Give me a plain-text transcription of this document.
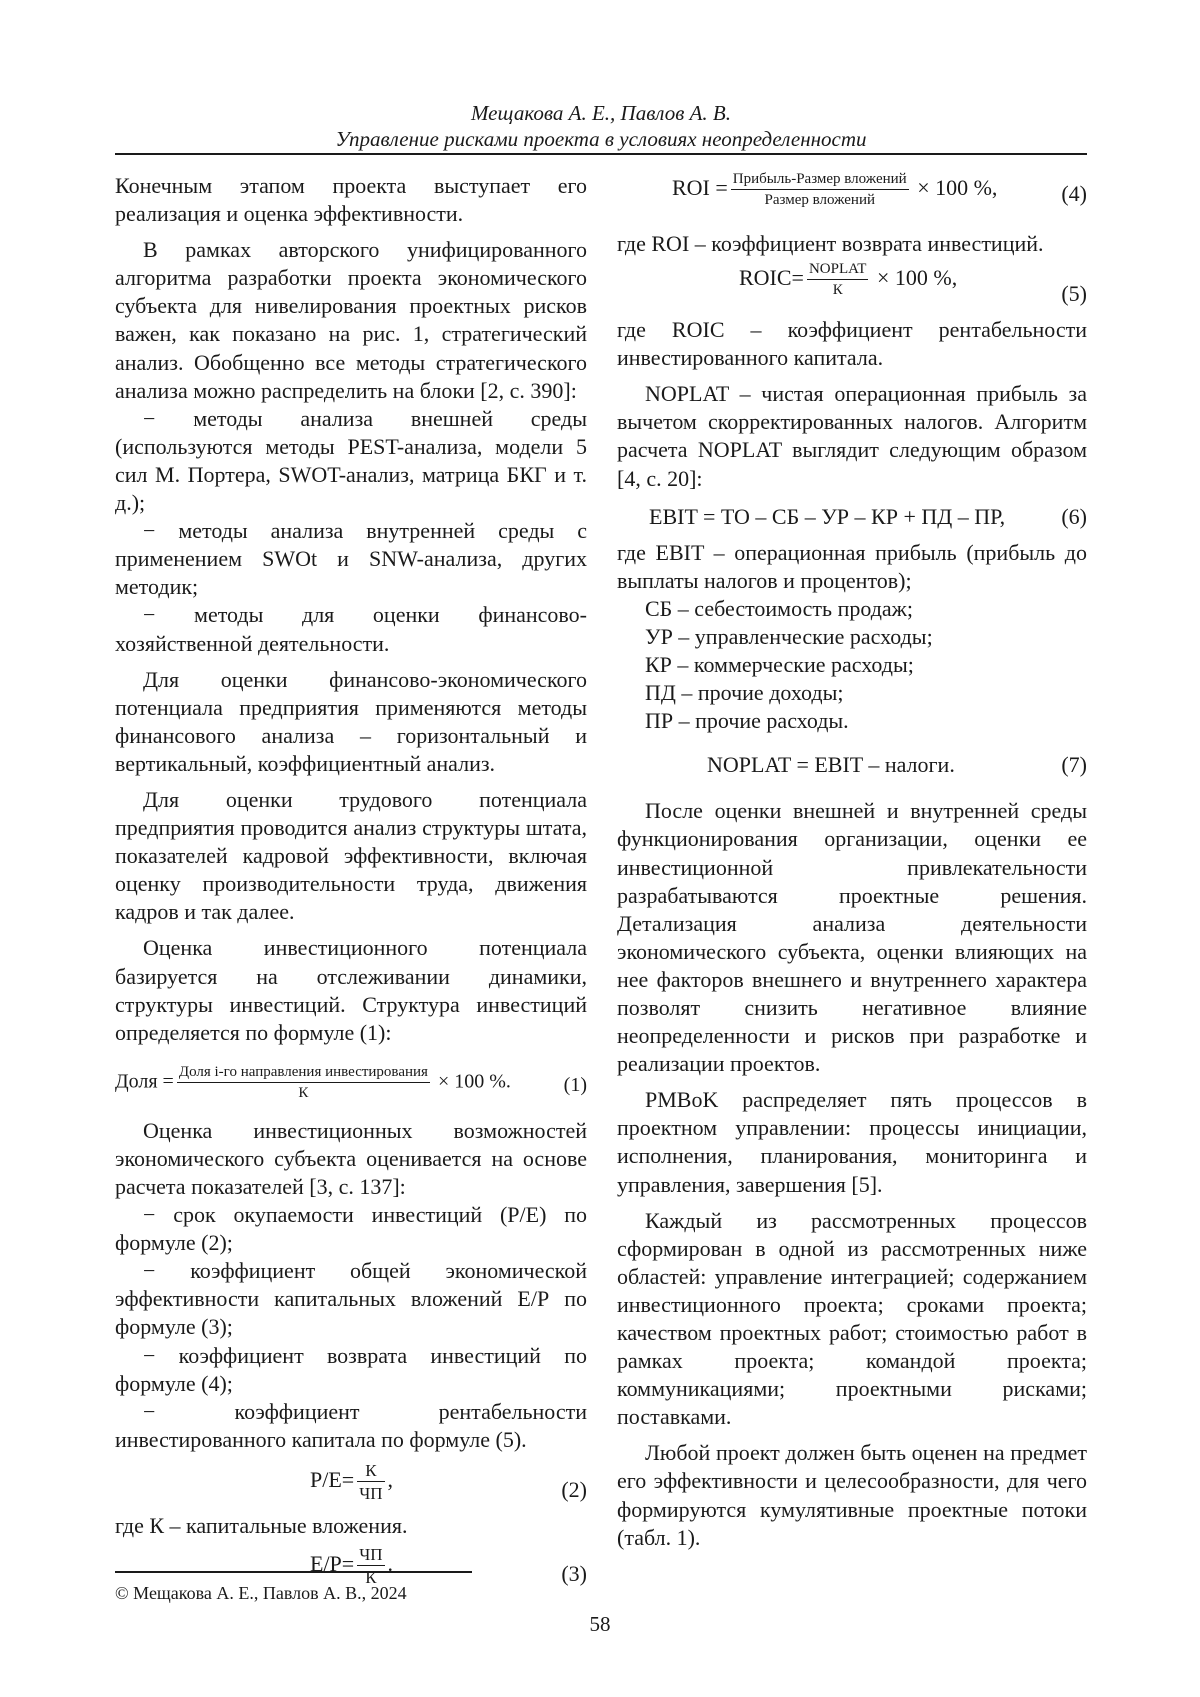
Мещакова А. Е., Павлов А. В.
Управление рисками проекта в условиях неопределенности

Конечным этапом проекта выступает его реализация и оценка эффективности.

В рамках авторского унифицированного алгоритма разработки проекта экономического субъекта для нивелирования проектных рисков важен, как показано на рис. 1, стратегический анализ. Обобщенно все методы стратегического анализа можно распределить на блоки [2, с. 390]:

− методы анализа внешней среды (используются методы PEST-анализа, модели 5 сил М. Портера, SWOT-анализ, матрица БКГ и т. д.);

− методы анализа внутренней среды с применением SWOt и SNW-анализа, других методик;

− методы для оценки финансово-хозяйственной деятельности.

Для оценки финансово-экономического потенциала предприятия применяются методы финансового анализа – горизонтальный и вертикальный, коэффициентный анализ.

Для оценки трудового потенциала предприятия проводится анализ структуры штата, показателей кадровой эффективности, включая оценку производительности труда, движения кадров и так далее.

Оценка инвестиционного потенциала базируется на отслеживании динамики, структуры инвестиций. Структура инвестиций определяется по формуле (1):

Доля = Доля i-го направления инвестирования
К
× 100 %.	(1)

Оценка инвестиционных возможностей экономического субъекта оценивается на основе расчета показателей [3, с. 137]:

− срок окупаемости инвестиций (Р/Е) по формуле (2);

− коэффициент общей экономической эффективности капитальных вложений Е/Р по формуле (3);

− коэффициент возврата инвестиций по формуле (4);

− коэффициент рентабельности инвестированного капитала по формуле (5).

Р/Е= К
ЧП
,	(2)

где К – капитальные вложения.

Е/Р= ЧП
К
.	(3)
ROI = Прибыль-Размер вложений
Размер вложений	× 100 %,	(4)

где ROI – коэффициент возврата инвестиций.

ROIC= NOPLAT
К	× 100 %,
(5)

где ROIC – коэффициент рентабельности инвестированного капитала.

NOPLAT – чистая операционная прибыль за вычетом скорректированных налогов. Алгоритм расчета NOPLAT выглядит следующим образом [4, с. 20]:

EBIT = ТО – СБ – УР – КР + ПД – ПР,	(6)

где EBIT – операционная прибыль (прибыль до выплаты налогов и процентов);

СБ – себестоимость продаж;

УР – управленческие расходы;

КР – коммерческие расходы;

ПД – прочие доходы;

ПР – прочие расходы.

NOPLAT = EBIT – налоги.	(7)

После оценки внешней и внутренней среды функционирования организации, оценки ее инвестиционной привлекательности разрабатываются проектные решения. Детализация анализа деятельности экономического субъекта, оценки влияющих на нее факторов внешнего и внутреннего характера позволят снизить негативное влияние неопределенности и рисков при разработке и реализации проектов.

PMBoK распределяет пять процессов в проектном управлении: процессы инициации, исполнения, планирования, мониторинга и управления, завершения [5].

Каждый из рассмотренных процессов сформирован в одной из рассмотренных ниже областей: управление интеграцией; содержанием инвестиционного проекта; сроками проекта; качеством проектных работ; стоимостью работ в рамках проекта; командой проекта; коммуникациями; проектными рисками; поставками.

Любой проект должен быть оценен на предмет его эффективности и целесообразности, для чего формируются кумулятивные проектные потоки (табл. 1).

© Мещакова А. Е., Павлов А. В., 2024
58
